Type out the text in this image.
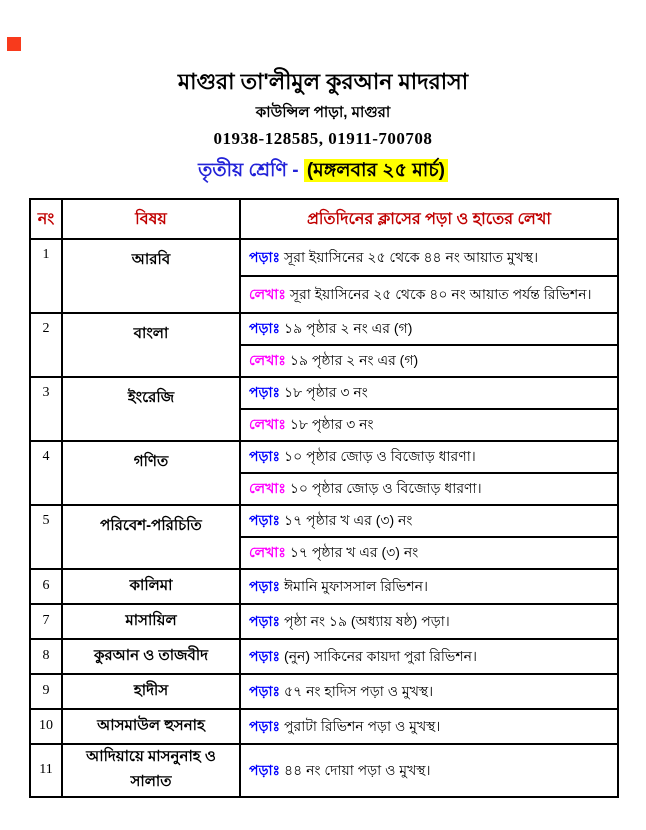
মাগুরা তা'লীমুল কুরআন মাদরাসা
কাউন্সিল পাড়া, মাগুরা
01938-128585, 01911-700708
তৃতীয় শ্রেণি - (মঙ্গলবার ২৫ মার্চ)
নং	বিষয়	প্রতিদিনের ক্লাসের পড়া ও হাতের লেখা
1	আরবি	পড়াঃ সূরা ইয়াসিনের ২৫ থেকে ৪৪ নং আয়াত মুখস্থ।
		লেখাঃ সূরা ইয়াসিনের ২৫ থেকে ৪০ নং আয়াত পর্যন্ত রিভিশন।
2	বাংলা	পড়াঃ ১৯ পৃষ্ঠার ২ নং এর (গ)
		লেখাঃ ১৯ পৃষ্ঠার ২ নং এর (গ)
3	ইংরেজি	পড়াঃ ১৮ পৃষ্ঠার ৩ নং
		লেখাঃ ১৮ পৃষ্ঠার ৩ নং
4	গণিত	পড়াঃ ১০ পৃষ্ঠার জোড় ও বিজোড় ধারণা।
		লেখাঃ ১০ পৃষ্ঠার জোড় ও বিজোড় ধারণা।
5	পরিবেশ-পরিচিতি	পড়াঃ ১৭ পৃষ্ঠার খ এর (৩) নং
		লেখাঃ ১৭ পৃষ্ঠার খ এর (৩) নং
6	কালিমা	পড়াঃ ঈমানি মুফাসসাল রিভিশন।
7	মাসায়িল	পড়াঃ পৃষ্ঠা নং ১৯ (অধ্যায় ষষ্ঠ) পড়া।
8	কুরআন ও তাজবীদ	পড়াঃ (নুন) সাকিনের কায়দা পুরা রিভিশন।
9	হাদীস	পড়াঃ ৫৭ নং হাদিস পড়া ও মুখস্থ।
10	আসমাউল হুসনাহ	পড়াঃ পুরাটা রিভিশন পড়া ও মুখস্থ।
11	আদিয়ায়ে মাসনুনাহ ও সালাত	পড়াঃ ৪৪ নং দোয়া পড়া ও মুখস্থ।
